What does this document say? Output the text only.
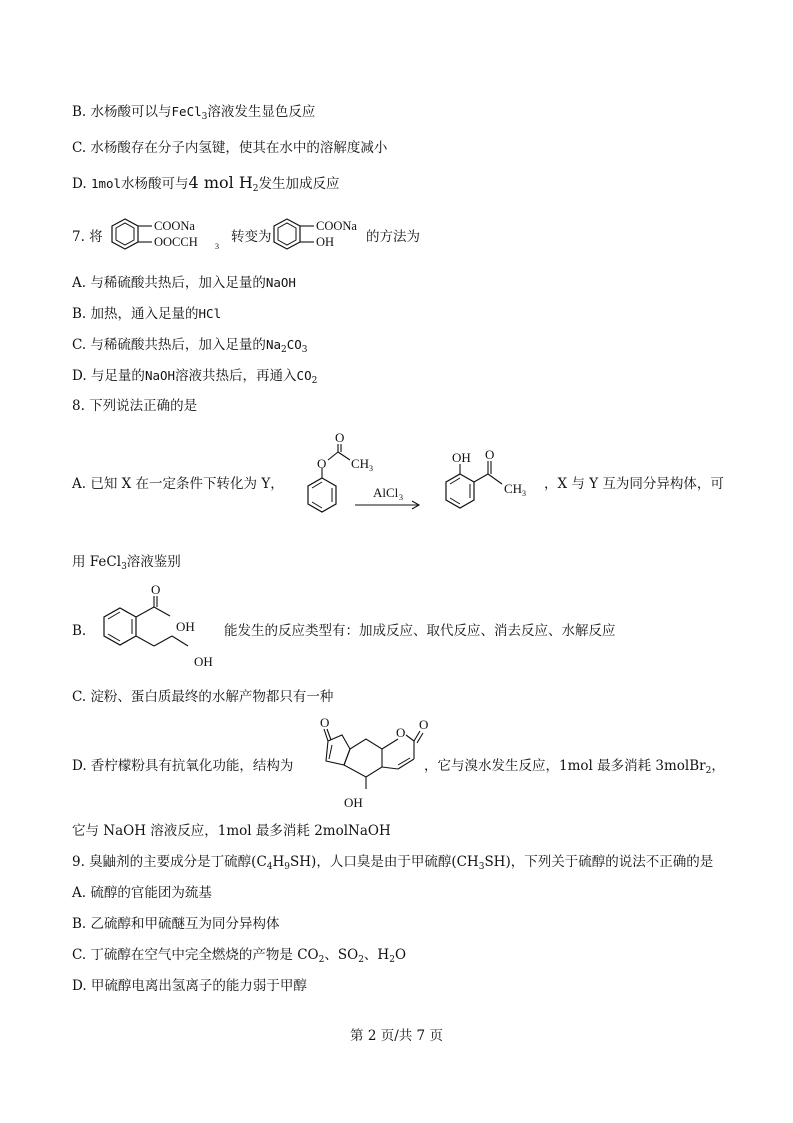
B. 水杨酸可以与FeCl$_3$溶液发生显色反应
C. 水杨酸存在分子内氢键，使其在水中的溶解度减小
D. 1mol水杨酸可与4 mol $H_2$发生加成反应
7. 将
COONa
OOCCH 3
转变为
COONa
OH 的方法为
A. 与稀硫酸共热后，加入足量的NaOH
B. 加热，通入足量的HCl
C. 与稀硫酸共热后，加入足量的$Na_2CO_3$
D. 与足量的NaOH溶液共热后，再通入$CO_2$
8. 下列说法正确的是
A. 已知 X 在一定条件下转化为 Y，
O
O
CH 3
AlCl 3
OH O
CH 3
，X 与 Y 互为同分异构体，可
用 FeCl$_3$溶液鉴别
B.
O
OH
OH
能发生的反应类型有：加成反应、取代反应、消去反应、水解反应
C. 淀粉、蛋白质最终的水解产物都只有一种
D. 香柠檬粉具有抗氧化功能，结构为
O
OH
O
O
，它与溴水发生反应，1mol 最多消耗 3molBr$_2$，
它与 NaOH 溶液反应，1mol 最多消耗 2molNaOH
9. 臭鼬剂的主要成分是丁硫醇$(C_4H_9SH)$，人口臭是由于甲硫醇$(CH_3SH)$，下列关于硫醇的说法不正确的是
A. 硫醇的官能团为巯基
B. 乙硫醇和甲硫醚互为同分异构体
C. 丁硫醇在空气中完全燃烧的产物是 $CO_2$、$SO_2$、$H_2O$
D. 甲硫醇电离出氢离子的能力弱于甲醇
第 2 页/共 7 页
